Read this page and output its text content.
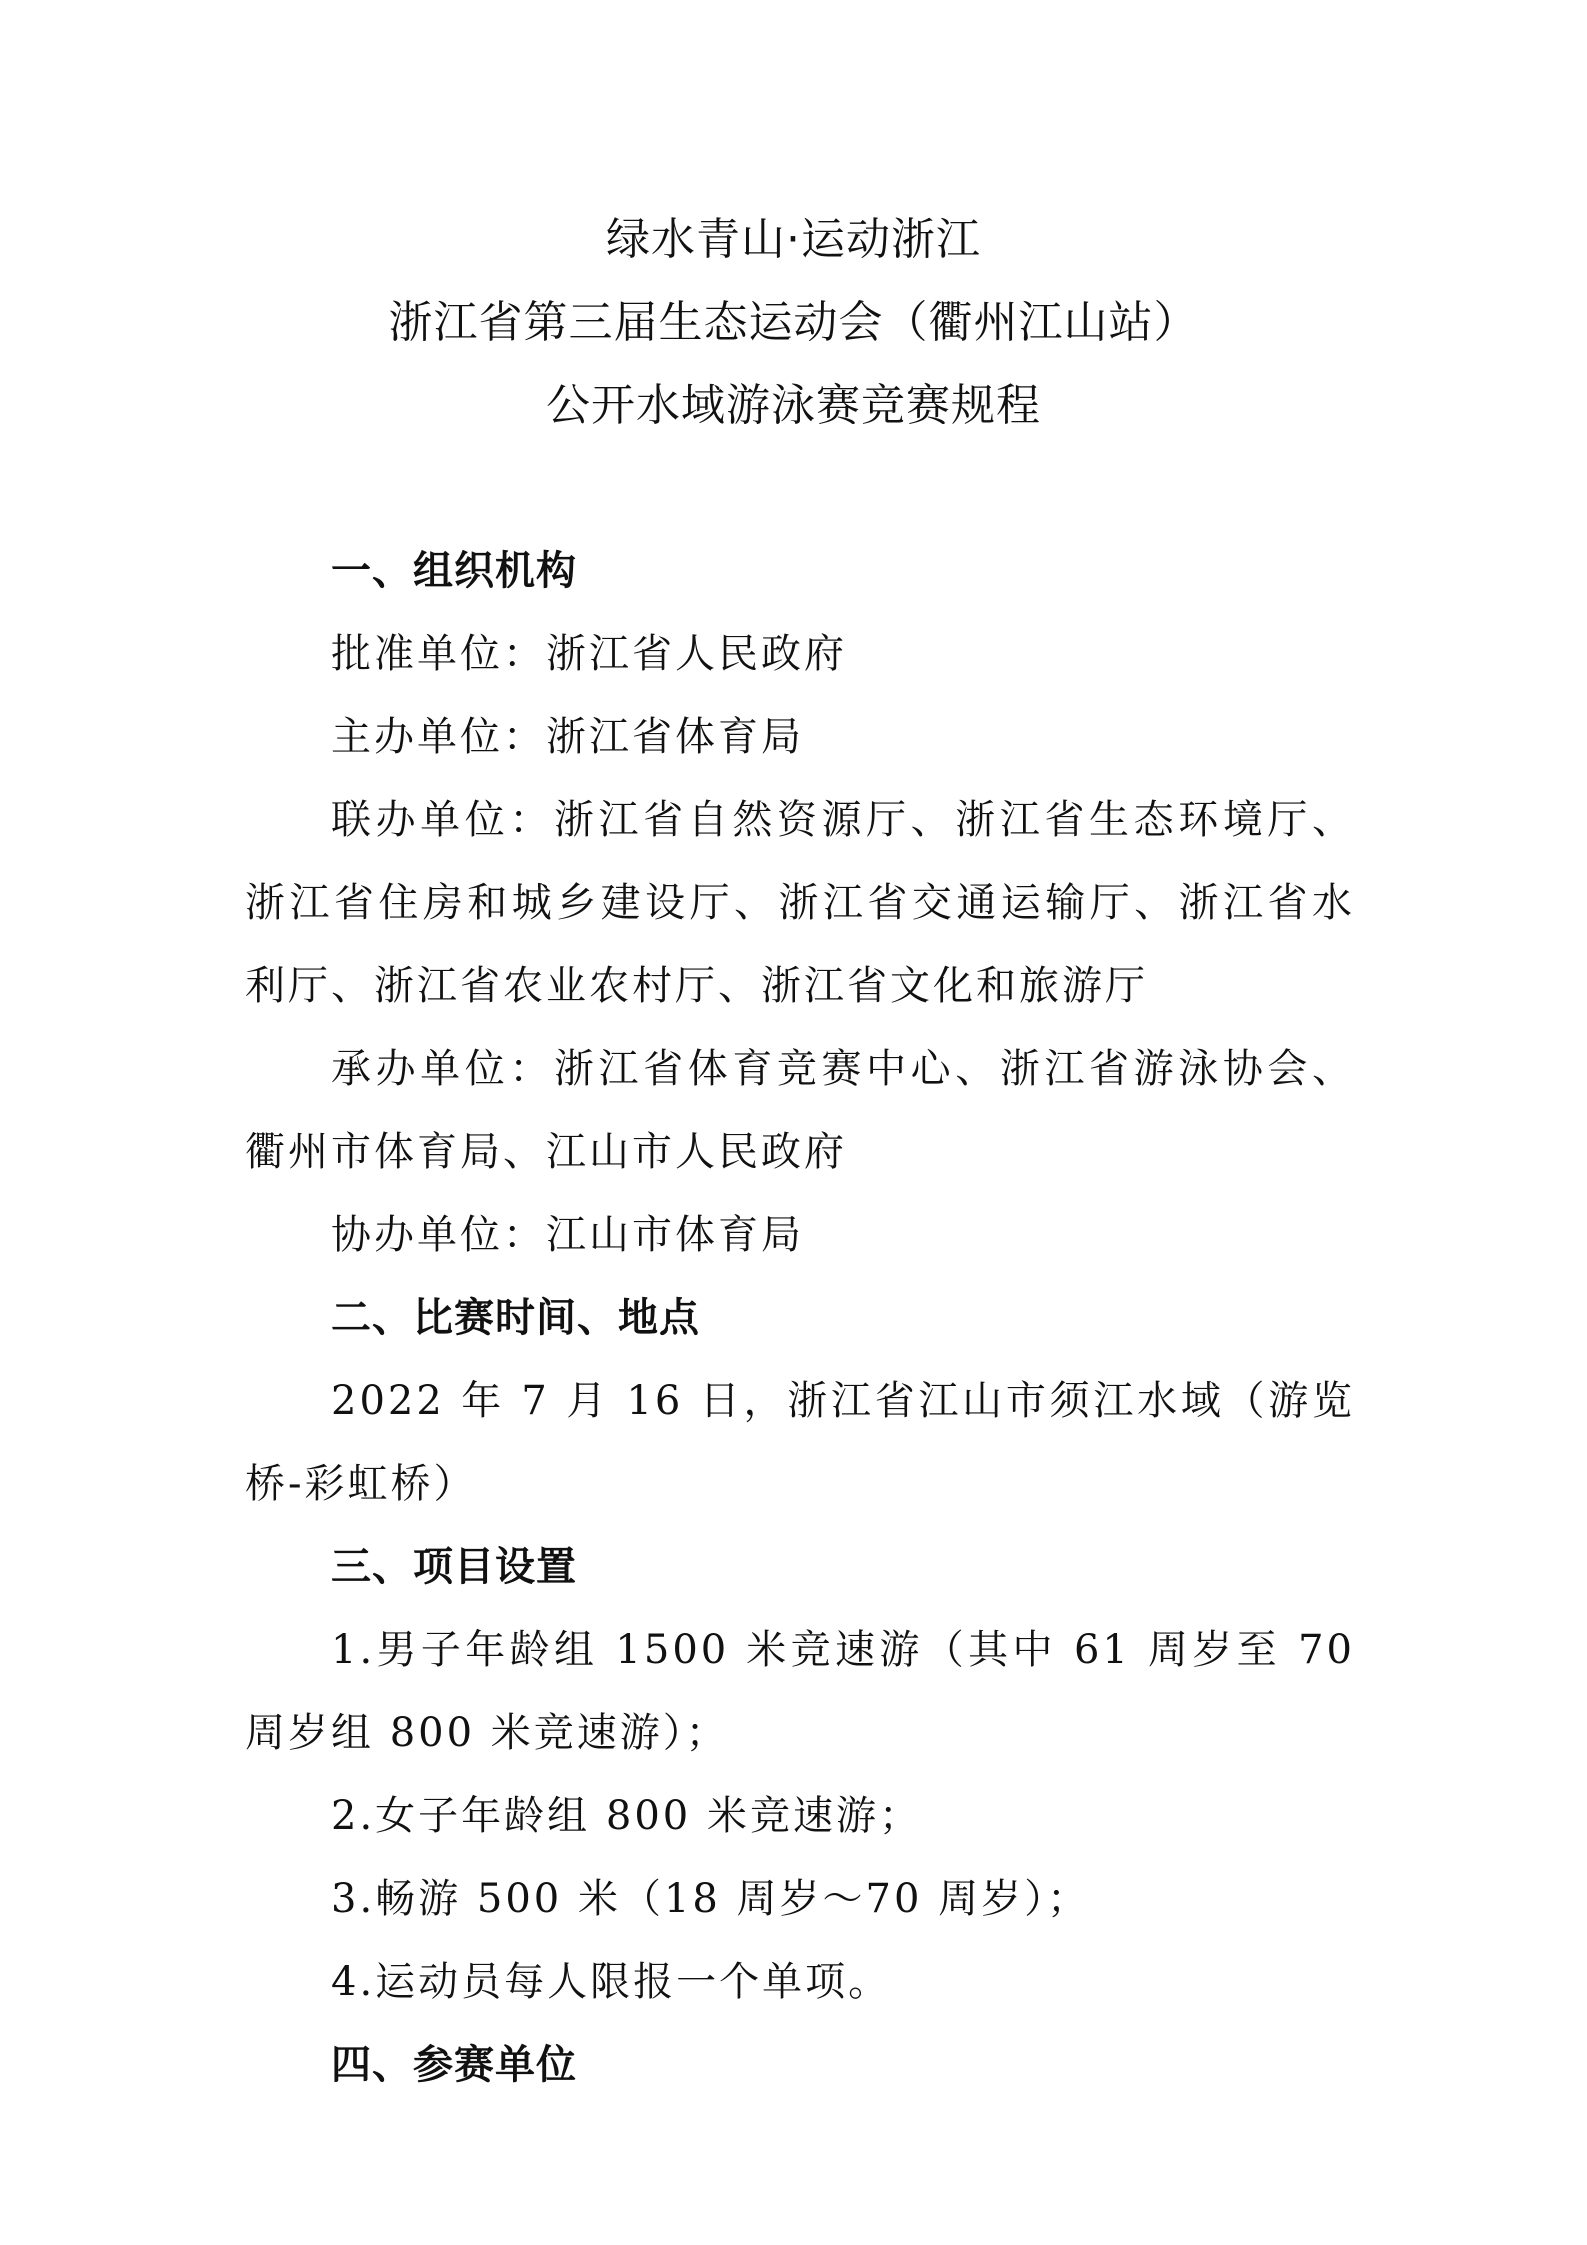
绿水青山·运动浙江
浙江省第三届生态运动会（衢州江山站）
公开水域游泳赛竞赛规程

一、组织机构

批准单位：浙江省人民政府

主办单位：浙江省体育局

联办单位：浙江省自然资源厅、浙江省生态环境厅、浙江省住房和城乡建设厅、浙江省交通运输厅、浙江省水利厅、浙江省农业农村厅、浙江省文化和旅游厅

承办单位：浙江省体育竞赛中心、浙江省游泳协会、衢州市体育局、江山市人民政府

协办单位：江山市体育局

二、比赛时间、地点

2022 年 7 月 16 日，浙江省江山市须江水域（游览桥-彩虹桥）

三、项目设置

1.男子年龄组 1500 米竞速游（其中 61 周岁至 70 周岁组 800 米竞速游）；

2.女子年龄组 800 米竞速游；

3.畅游 500 米（18 周岁～70 周岁）；

4.运动员每人限报一个单项。

四、参赛单位
